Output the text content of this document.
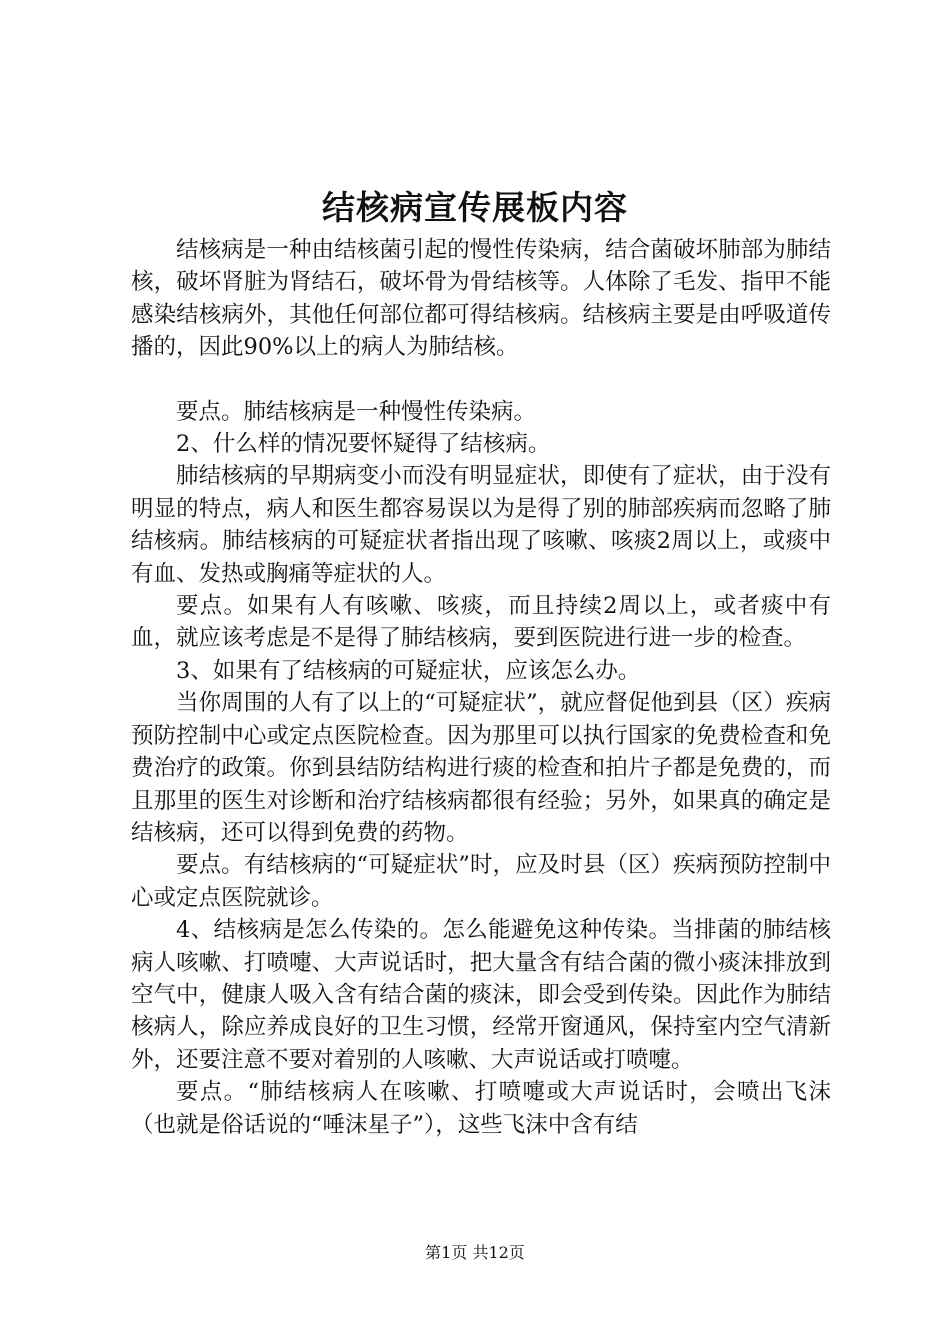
结核病宣传展板内容

结核病是一种由结核菌引起的慢性传染病，结合菌破坏肺部为肺结核，破坏肾脏为肾结石，破坏骨为骨结核等。人体除了毛发、指甲不能感染结核病外，其他任何部位都可得结核病。结核病主要是由呼吸道传播的，因此90%以上的病人为肺结核。

要点。肺结核病是一种慢性传染病。

2、什么样的情况要怀疑得了结核病。

肺结核病的早期病变小而没有明显症状，即使有了症状，由于没有明显的特点，病人和医生都容易误以为是得了别的肺部疾病而忽略了肺结核病。肺结核病的可疑症状者指出现了咳嗽、咳痰2周以上，或痰中有血、发热或胸痛等症状的人。

要点。如果有人有咳嗽、咳痰，而且持续2周以上，或者痰中有血，就应该考虑是不是得了肺结核病，要到医院进行进一步的检查。

3、如果有了结核病的可疑症状，应该怎么办。

当你周围的人有了以上的“可疑症状”，就应督促他到县（区）疾病预防控制中心或定点医院检查。因为那里可以执行国家的免费检查和免费治疗的政策。你到县结防结构进行痰的检查和拍片子都是免费的，而且那里的医生对诊断和治疗结核病都很有经验；另外，如果真的确定是结核病，还可以得到免费的药物。

要点。有结核病的“可疑症状”时，应及时县（区）疾病预防控制中心或定点医院就诊。

4、结核病是怎么传染的。怎么能避免这种传染。当排菌的肺结核病人咳嗽、打喷嚏、大声说话时，把大量含有结合菌的微小痰沫排放到空气中，健康人吸入含有结合菌的痰沫，即会受到传染。因此作为肺结核病人，除应养成良好的卫生习惯，经常开窗通风，保持室内空气清新外，还要注意不要对着别的人咳嗽、大声说话或打喷嚏。

要点。“肺结核病人在咳嗽、打喷嚏或大声说话时，会喷出飞沫（也就是俗话说的“唾沫星子”），这些飞沫中含有结

第1页 共12页
